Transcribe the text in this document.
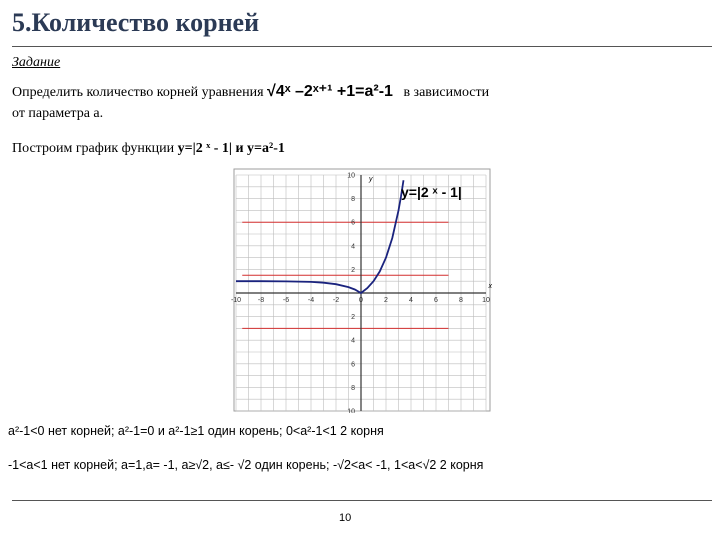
5.Количество корней
Задание
Определить количество корней уравнения √4ˣ –2ˣ⁺¹ +1=a²-1 в зависимости
от параметра a.
Построим график функции y=|2 ˣ - 1| и y=a²-1
-10 -8	-6	-4	-2	0	2	4	6	8	10
10
8
6
4
2
2
4
6
8
10
y=|2 ˣ - 1|
y
x
a²-1<0 нет корней; a²-1=0 и a²-1≥1 один корень; 0<a²-1<1 2 корня
-1<a<1 нет корней; a=1,a= -1, a≥√2, a≤- √2 один корень; -√2<a< -1, 1<a<√2 2 корня
10
